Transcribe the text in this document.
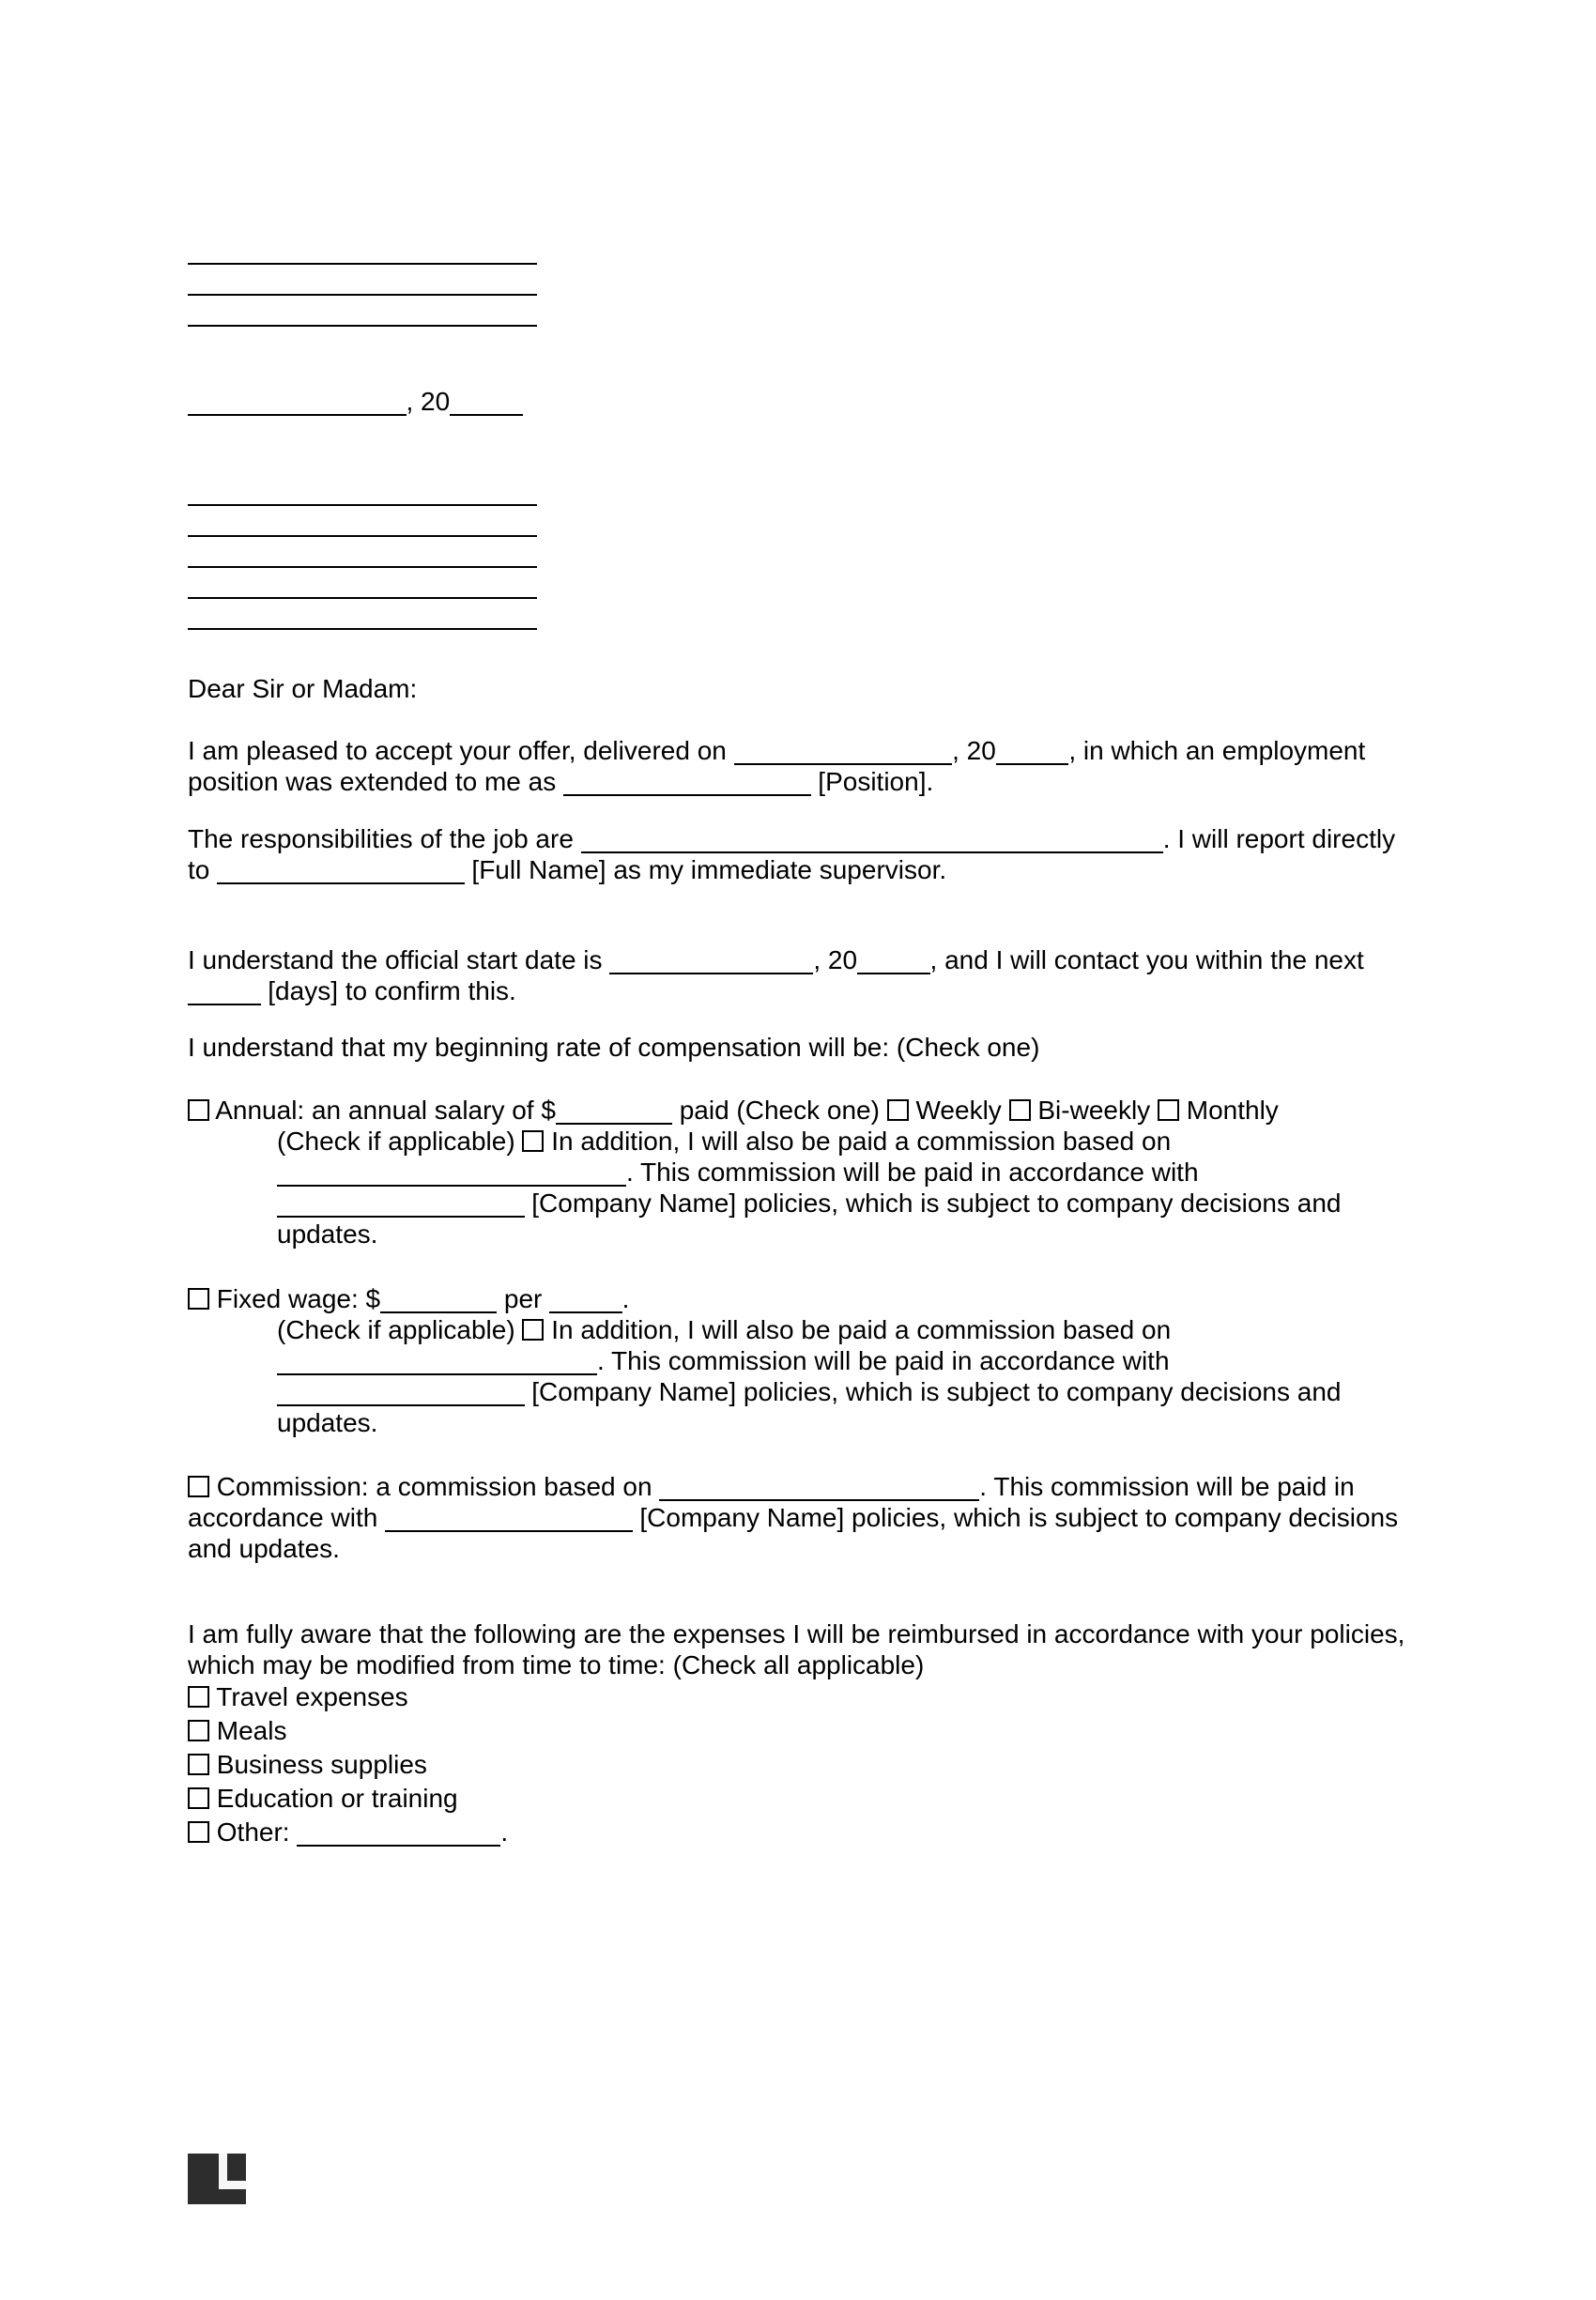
, 20
Dear Sir or Madam:
I am pleased to accept your offer, delivered on	, 20	, in which an employment
position was extended to me as	[Position].
The responsibilities of the job are	. I will report directly
to	[Full Name] as my immediate supervisor.
I understand the official start date is	, 20	, and I will contact you within the next
[days] to confirm this.
I understand that my beginning rate of compensation will be: (Check one)
Annual: an annual salary of $	paid (Check one)  Weekly  Bi-weekly  Monthly
(Check if applicable)  In addition, I will also be paid a commission based on
. This commission will be paid in accordance with
[Company Name] policies, which is subject to company decisions and
updates.
Fixed wage: $	per	.
(Check if applicable)  In addition, I will also be paid a commission based on
. This commission will be paid in accordance with
[Company Name] policies, which is subject to company decisions and
updates.
Commission: a commission based on	. This commission will be paid in
accordance with	[Company Name] policies, which is subject to company decisions
and updates.
I am fully aware that the following are the expenses I will be reimbursed in accordance with your policies,
which may be modified from time to time: (Check all applicable)
Travel expenses
Meals
Business supplies
Education or training
Other:	.
